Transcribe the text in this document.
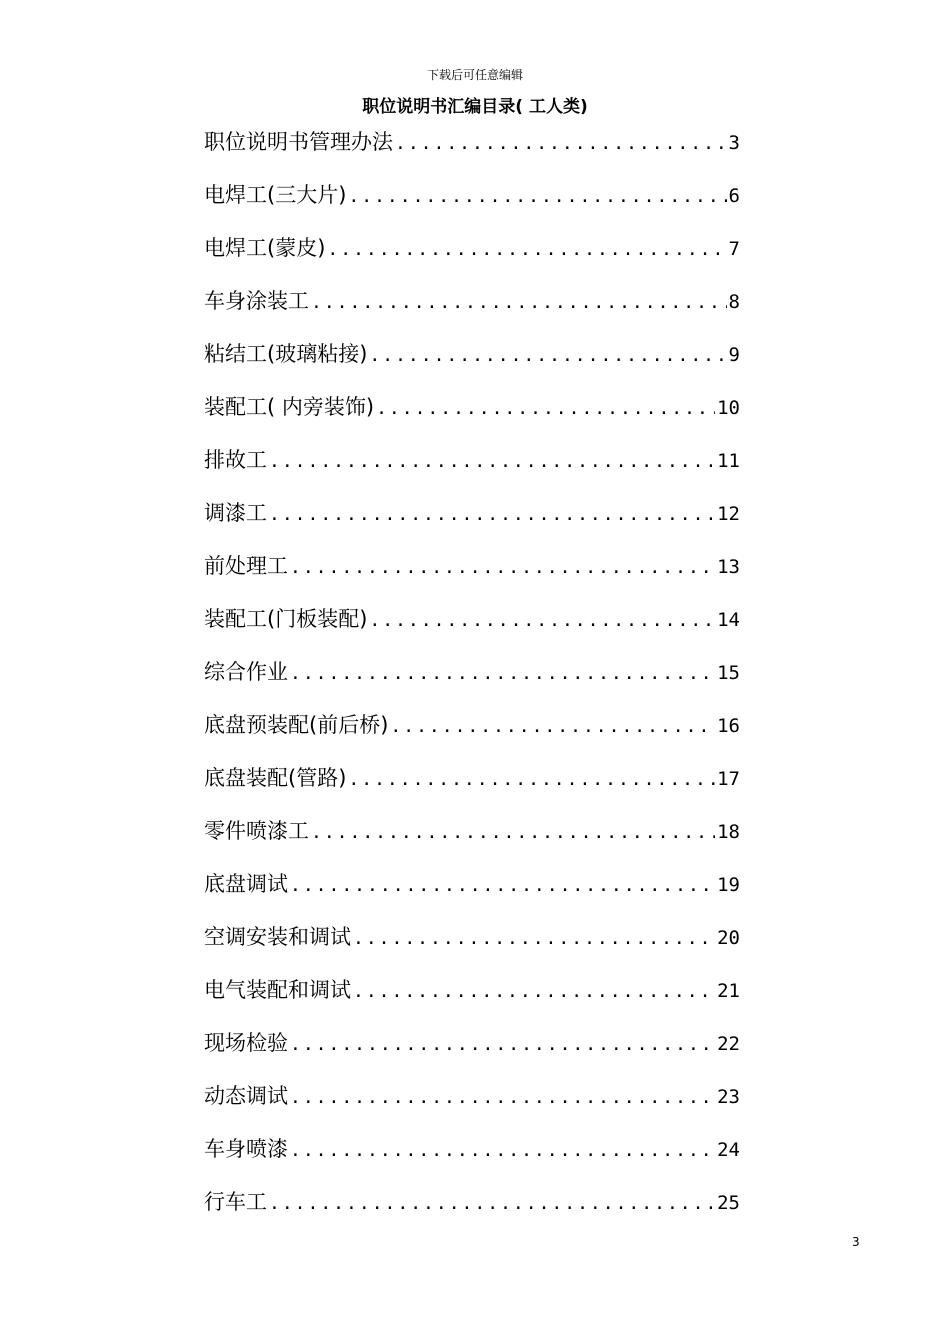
下载后可任意编辑
职位说明书汇编目录( 工人类)
职位说明书管理办法 .....	3
电焊工(三大片) .....	6
电焊工(蒙皮) .....	7
车身涂装工 .....	8
粘结工(玻璃粘接) .....	9
装配工( 内旁装饰) .....	10
排故工 .....	11
调漆工 .....	12
前处理工 .....	13
装配工(门板装配) .....	14
综合作业 .....	15
底盘预装配(前后桥) .....	16
底盘装配(管路) .....	17
零件喷漆工 .....	18
底盘调试 .....	19
空调安装和调试 .....	20
电气装配和调试 .....	21
现场检验 .....	22
动态调试 .....	23
车身喷漆 .....	24
行车工 .....	25
3
